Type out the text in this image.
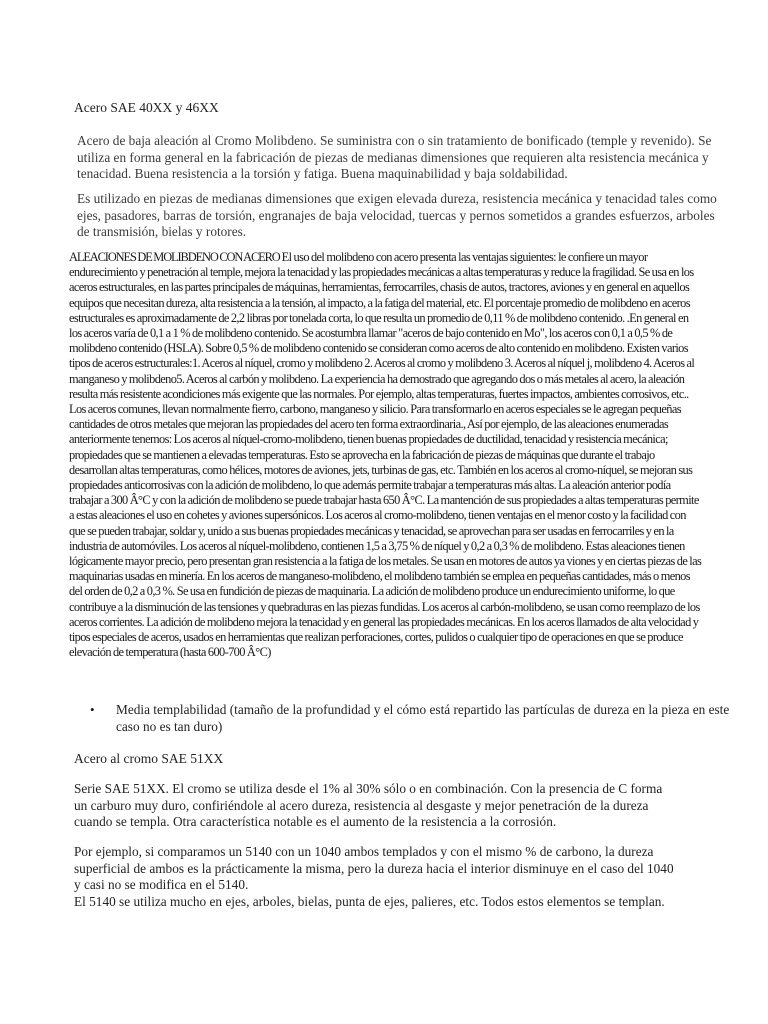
Acero SAE 40XX y 46XX

Acero de baja aleación al Cromo Molibdeno. Se suministra con o sin tratamiento de bonificado (temple y revenido). Se utiliza en forma general en la fabricación de piezas de medianas dimensiones que requieren alta resistencia mecánica y tenacidad. Buena resistencia a la torsión y fatiga. Buena maquinabilidad y baja soldabilidad.

Es utilizado en piezas de medianas dimensiones que exigen elevada dureza, resistencia mecánica y tenacidad tales como ejes, pasadores, barras de torsión, engranajes de baja velocidad, tuercas y pernos sometidos a grandes esfuerzos, arboles de transmisión, bielas y rotores.

ALEACIONES DE MOLIBDENO CON ACERO El uso del molibdeno con acero presenta las ventajas siguientes: le confiere un mayor endurecimiento y penetración al temple, mejora la tenacidad y las propiedades mecánicas a altas temperaturas y reduce la fragilidad. Se usa en los aceros estructurales, en las partes principales de máquinas, herramientas, ferrocarriles, chasis de autos, tractores, aviones y en general en aquellos equipos que necesitan dureza, alta resistencia a la tensión, al impacto, a la fatiga del material, etc. El porcentaje promedio de molibdeno en aceros estructurales es aproximadamente de 2,2 libras por tonelada corta, lo que resulta un promedio de 0,11 % de molibdeno contenido. .En general en los aceros varía de 0,1 a 1 % de molibdeno contenido. Se acostumbra llamar "aceros de bajo contenido en Mo", los aceros con 0,1 a 0,5 % de molibdeno contenido (HSLA). Sobre 0,5 % de molibdeno contenido se consideran como aceros de alto contenido en molibdeno. Existen varios tipos de aceros estructurales:1. Aceros al níquel, cromo y molibdeno 2. Aceros al cromo y molibdeno 3. Aceros al níquel j, molibdeno 4. Aceros al manganeso y molibdeno5. Aceros al carbón y molibdeno. La experiencia ha demostrado que agregando dos o más metales al acero, la aleación resulta más resistente acondiciones más exigente que las normales. Por ejemplo, altas temperaturas, fuertes impactos, ambientes corrosivos, etc.. Los aceros comunes, llevan normalmente fierro, carbono, manganeso y silicio. Para transformarlo en aceros especiales se le agregan pequeñas cantidades de otros metales que mejoran las propiedades del acero ten forma extraordinaria., Así por ejemplo, de las aleaciones enumeradas anteriormente tenemos: Los aceros al níquel-cromo-molibdeno, tienen buenas propiedades de ductilidad, tenacidad y resistencia mecánica; propiedades que se mantienen a elevadas temperaturas. Esto se aprovecha en la fabricación de piezas de máquinas que durante el trabajo desarrollan altas temperaturas, como hélices, motores de aviones, jets, turbinas de gas, etc. También en los aceros al cromo-níquel, se mejoran sus propiedades anticorrosivas con la adición de molibdeno, lo que además permite trabajar a temperaturas más altas. La aleación anterior podía trabajar a 300 Â°C y con la adición de molibdeno se puede trabajar hasta 650 Â°C. La mantención de sus propiedades a altas temperaturas permite a estas aleaciones el uso en cohetes y aviones supersónicos. Los aceros al cromo-molibdeno, tienen ventajas en el menor costo y la facilidad con que se pueden trabajar, soldar y, unido a sus buenas propiedades mecánicas y tenacidad, se aprovechan para ser usadas en ferrocarriles y en la industria de automóviles. Los aceros al níquel-molibdeno, contienen 1,5 a 3,75 % de níquel y 0,2 a 0,3 % de molibdeno. Estas aleaciones tienen lógicamente mayor precio, pero presentan gran resistencia a la fatiga de los metales. Se usan en motores de autos ya viones y en ciertas piezas de las maquinarias usadas en minería. En los aceros de manganeso-molibdeno, el molibdeno también se emplea en pequeñas cantidades, más o menos del orden de 0,2 a 0,3 %. Se usa en fundición de piezas de maquinaria. La adición de molibdeno produce un endurecimiento uniforme, lo que contribuye a la disminución de las tensiones y quebraduras en las piezas fundidas. Los aceros al carbón-molibdeno, se usan como reemplazo de los aceros corrientes. La adición de molibdeno mejora la tenacidad y en general las propiedades mecánicas. En los aceros llamados de alta velocidad y tipos especiales de aceros, usados en herramientas que realizan perforaciones, cortes, pulidos o cualquier tipo de operaciones en que se produce elevación de temperatura (hasta 600-700 Â°C)

•	Media templabilidad (tamaño de la profundidad y el cómo está repartido las partículas de dureza en la pieza en este caso no es tan duro)

Acero al cromo SAE 51XX

Serie SAE 51XX. El cromo se utiliza desde el 1% al 30% sólo o en combinación. Con la presencia de C forma un carburo muy duro, confiriéndole al acero dureza, resistencia al desgaste y mejor penetración de la dureza cuando se templa. Otra característica notable es el aumento de la resistencia a la corrosión.

Por ejemplo, si comparamos un 5140 con un 1040 ambos templados y con el mismo % de carbono, la dureza superficial de ambos es la prácticamente la misma, pero la dureza hacia el interior disminuye en el caso del 1040 y casi no se modifica en el 5140.
El 5140 se utiliza mucho en ejes, arboles, bielas, punta de ejes, palieres, etc. Todos estos elementos se templan.
